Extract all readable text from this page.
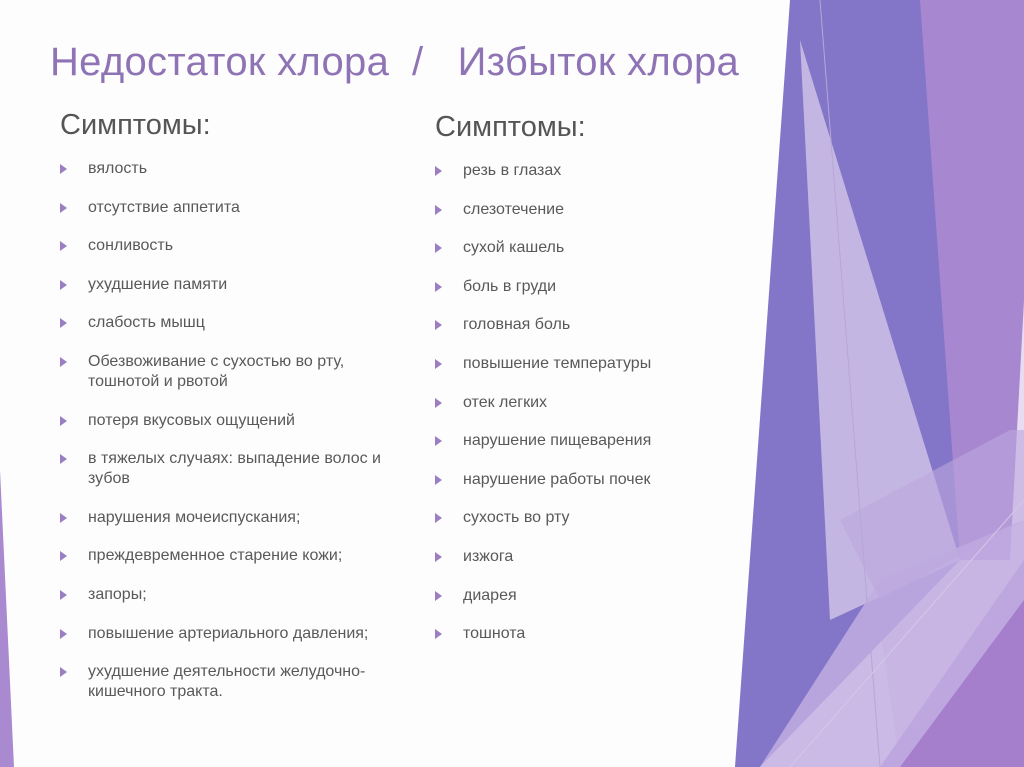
Недостаток хлора  /   Избыток хлора
Симптомы:
вялость
отсутствие аппетита
сонливость
ухудшение памяти
слабость мышц
Обезвоживание с сухостью во рту, тошнотой и рвотой
потеря вкусовых ощущений
в тяжелых случаях: выпадение волос и зубов
нарушения мочеиспускания;
преждевременное старение кожи;
запоры;
повышение артериального давления;
ухудшение деятельности желудочно-кишечного тракта.
Симптомы:
резь в глазах
слезотечение
сухой кашель
боль в груди
головная боль
повышение температуры
отек легких
нарушение пищеварения
нарушение работы почек
сухость во рту
изжога
диарея
тошнота
